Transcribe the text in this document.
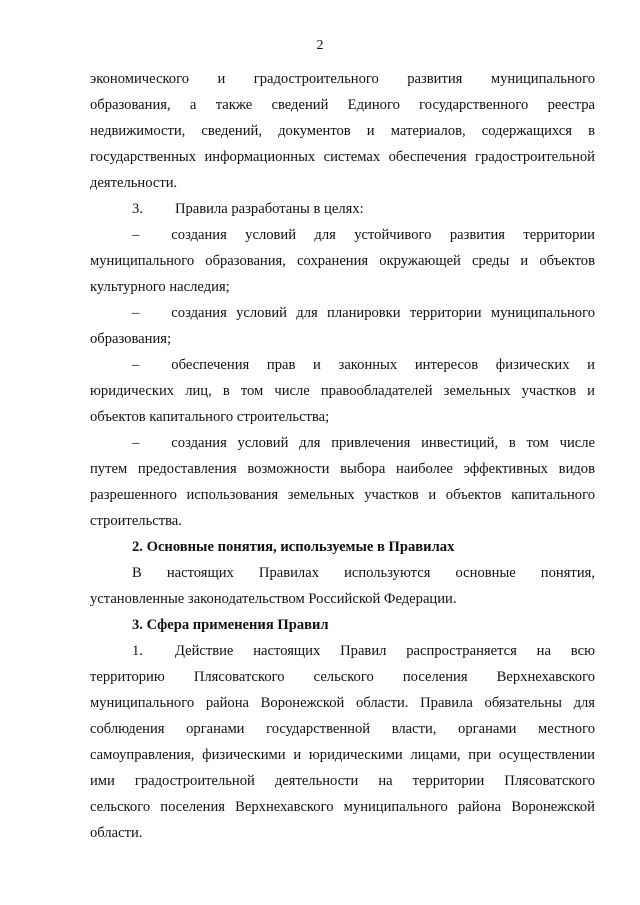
2
экономического и градостроительного развития муниципального
образования, а также сведений Единого государственного реестра
недвижимости, сведений, документов и материалов, содержащихся в
государственных информационных системах обеспечения градостроительной
деятельности.
3. Правила разработаны в целях:
– создания условий для устойчивого развития территории
муниципального образования, сохранения окружающей среды и объектов
культурного наследия;
– создания условий для планировки территории муниципального
образования;
– обеспечения прав и законных интересов физических и
юридических лиц, в том числе правообладателей земельных участков и
объектов капитального строительства;
– создания условий для привлечения инвестиций, в том числе
путем предоставления возможности выбора наиболее эффективных видов
разрешенного использования земельных участков и объектов капитального
строительства.
2. Основные понятия, используемые в Правилах
В настоящих Правилах используются основные понятия,
установленные законодательством Российской Федерации.
3. Сфера применения Правил
1. Действие настоящих Правил распространяется на всю
территорию Плясоватского сельского поселения Верхнехавского
муниципального района Воронежской области. Правила обязательны для
соблюдения органами государственной власти, органами местного
самоуправления, физическими и юридическими лицами, при осуществлении
ими градостроительной деятельности на территории Плясоватского
сельского поселения Верхнехавского муниципального района Воронежской
области.
